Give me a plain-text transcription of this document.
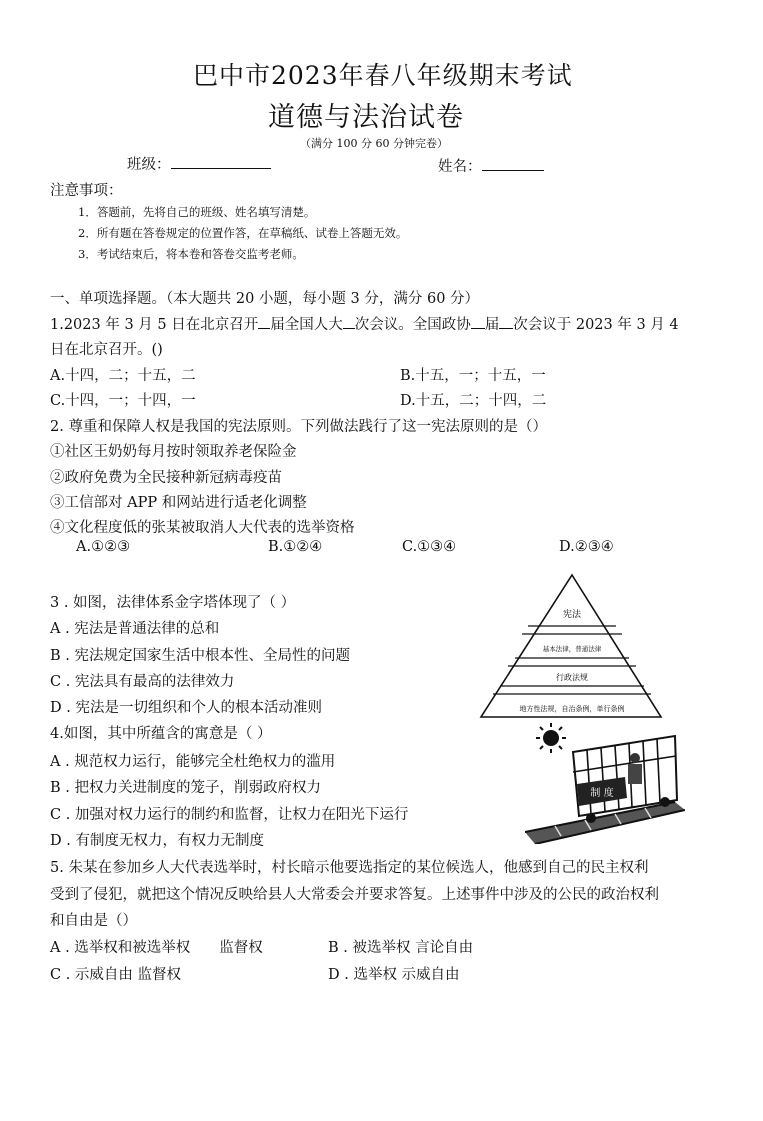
巴中市2023年春八年级期末考试
道德与法治试卷
（满分 100 分 60 分钟完卷）
班级：	姓名：
注意事项：
1．答题前，先将自己的班级、姓名填写清楚。
2．所有题在答卷规定的位置作答，在草稿纸、试卷上答题无效。
3．考试结束后，将本卷和答卷交监考老师。
一、单项选择题。（本大题共 20 小题，每小题 3 分，满分 60 分）
1.2023 年 3 月 5 日在北京召开 届全国人大 次会议。全国政协 届 次会议于 2023 年 3 月 4
日在北京召开。()
A.十四，二；十五，二	B.十五，一；十五，一
C.十四，一；十四，一	D.十五，二；十四，二
2. 尊重和保障人权是我国的宪法原则。下列做法践行了这一宪法原则的是（）
①社区王奶奶每月按时领取养老保险金
②政府免费为全民接种新冠病毒疫苗
③工信部对 APP 和网站进行适老化调整
④文化程度低的张某被取消人大代表的选举资格
A.①②③	B.①②④	C.①③④	D.②③④
3 . 如图，法律体系金字塔体现了（ ）
A . 宪法是普通法律的总和
B . 宪法规定国家生活中根本性、全局性的问题
C . 宪法具有最高的法律效力
D . 宪法是一切组织和个人的根本活动准则
宪法
基本法律，普通法律
行政法规
地方性法规，自治条例，单行条例
4.如图，其中所蕴含的寓意是（ ）
A . 规范权力运行，能够完全杜绝权力的滥用
B . 把权力关进制度的笼子，削弱政府权力
C . 加强对权力运行的制约和监督，让权力在阳光下运行
D . 有制度无权力，有权力无制度
制 度
5. 朱某在参加乡人大代表选举时，村长暗示他要选指定的某位候选人，他感到自己的民主权利
受到了侵犯，就把这个情况反映给县人大常委会并要求答复。上述事件中涉及的公民的政治权利
和自由是（）
A . 选举权和被选举权　　监督权	B . 被选举权 言论自由
C . 示威自由 监督权	D . 选举权 示威自由
